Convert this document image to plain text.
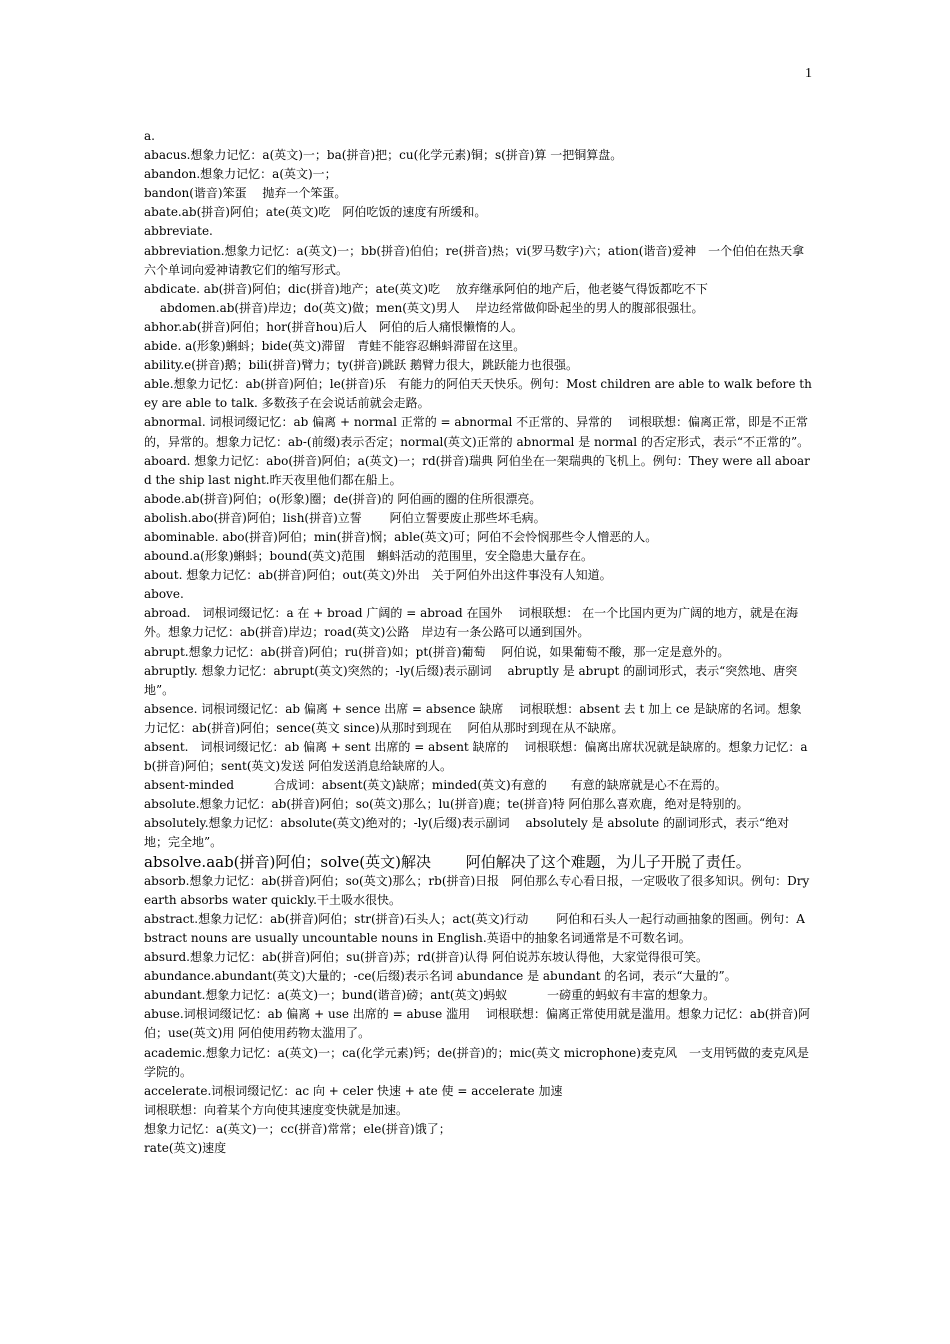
1

a.

abacus.想象力记忆：a(英文)一；ba(拼音)把；cu(化学元素)铜；s(拼音)算 一把铜算盘。

abandon.想象力记忆：a(英文)一；

bandon(谐音)笨蛋　 抛弃一个笨蛋。

abate.ab(拼音)阿伯；ate(英文)吃　阿伯吃饭的速度有所缓和。

abbreviate.

abbreviation.想象力记忆：a(英文)一；bb(拼音)伯伯；re(拼音)热；vi(罗马数字)六；ation(谐音)爱神　一个伯伯在热天拿六个单词向爱神请教它们的缩写形式。

abdicate. ab(拼音)阿伯；dic(拼音)地产；ate(英文)吃　 放弃继承阿伯的地产后，他老婆气得饭都吃不下

　 abdomen.ab(拼音)岸边；do(英文)做；men(英文)男人　 岸边经常做仰卧起坐的男人的腹部很强壮。

abhor.ab(拼音)阿伯；hor(拼音hou)后人　阿伯的后人痛恨懒惰的人。

abide. a(形象)蝌蚪；bide(英文)滞留　青蛙不能容忍蝌蚪滞留在这里。

ability.e(拼音)鹅；bili(拼音)臂力；ty(拼音)跳跃 鹅臂力很大，跳跃能力也很强。

able.想象力记忆：ab(拼音)阿伯；le(拼音)乐　有能力的阿伯天天快乐。例句：Most children are able to walk before they are able to talk. 多数孩子在会说话前就会走路。

abnormal. 词根词缀记忆：ab 偏离 + normal 正常的 = abnormal 不正常的、异常的　 词根联想：偏离正常，即是不正常的，异常的。想象力记忆：ab-(前缀)表示否定；normal(英文)正常的 abnormal 是 normal 的否定形式，表示“不正常的”。

aboard. 想象力记忆：abo(拼音)阿伯；a(英文)一；rd(拼音)瑞典 阿伯坐在一架瑞典的飞机上。例句：They were all aboard the ship last night.昨天夜里他们都在船上。

abode.ab(拼音)阿伯；o(形象)圈；de(拼音)的 阿伯画的圈的住所很漂亮。

abolish.abo(拼音)阿伯；lish(拼音)立誓　　 阿伯立誓要废止那些坏毛病。

abominable. abo(拼音)阿伯；min(拼音)悯；able(英文)可；阿伯不会怜悯那些令人憎恶的人。

abound.a(形象)蝌蚪；bound(英文)范围　蝌蚪活动的范围里，安全隐患大量存在。

about. 想象力记忆：ab(拼音)阿伯；out(英文)外出　关于阿伯外出这件事没有人知道。

above.

abroad.　词根词缀记忆：a 在 + broad 广阔的 = abroad 在国外　 词根联想： 在一个比国内更为广阔的地方，就是在海外。想象力记忆：ab(拼音)岸边；road(英文)公路　岸边有一条公路可以通到国外。

abrupt.想象力记忆：ab(拼音)阿伯；ru(拼音)如；pt(拼音)葡萄　 阿伯说，如果葡萄不酸，那一定是意外的。

abruptly. 想象力记忆：abrupt(英文)突然的；-ly(后缀)表示副词　 abruptly 是 abrupt 的副词形式，表示“突然地、唐突地”。

absence. 词根词缀记忆：ab 偏离 + sence 出席 = absence 缺席　 词根联想：absent 去 t 加上 ce 是缺席的名词。想象力记忆：ab(拼音)阿伯；sence(英文 since)从那时到现在　 阿伯从那时到现在从不缺席。

absent.　词根词缀记忆：ab 偏离 + sent 出席的 = absent 缺席的　 词根联想：偏离出席状况就是缺席的。想象力记忆：ab(拼音)阿伯；sent(英文)发送 阿伯发送消息给缺席的人。

absent-minded　　　 合成词：absent(英文)缺席；minded(英文)有意的　　有意的缺席就是心不在焉的。

absolute.想象力记忆：ab(拼音)阿伯；so(英文)那么；lu(拼音)鹿；te(拼音)特 阿伯那么喜欢鹿，绝对是特别的。

absolutely.想象力记忆：absolute(英文)绝对的；-ly(后缀)表示副词　 absolutely 是 absolute 的副词形式，表示“绝对地；完全地”。

absolve.aab(拼音)阿伯；solve(英文)解决　　 阿伯解决了这个难题，为儿子开脱了责任。

absorb.想象力记忆：ab(拼音)阿伯；so(英文)那么；rb(拼音)日报　阿伯那么专心看日报，一定吸收了很多知识。例句：Dry earth absorbs water quickly.干土吸水很快。

abstract.想象力记忆：ab(拼音)阿伯；str(拼音)石头人；act(英文)行动　　 阿伯和石头人一起行动画抽象的图画。例句：Abstract nouns are usually uncountable nouns in English.英语中的抽象名词通常是不可数名词。

absurd.想象力记忆：ab(拼音)阿伯；su(拼音)苏；rd(拼音)认得 阿伯说苏东坡认得他，大家觉得很可笑。

abundance.abundant(英文)大量的；-ce(后缀)表示名词 abundance 是 abundant 的名词，表示“大量的”。

abundant.想象力记忆：a(英文)一；bund(谐音)磅；ant(英文)蚂蚁　　　 一磅重的蚂蚁有丰富的想象力。

abuse.词根词缀记忆：ab 偏离 + use 出席的 = abuse 滥用　 词根联想：偏离正常使用就是滥用。想象力记忆：ab(拼音)阿伯；use(英文)用 阿伯使用药物太滥用了。

academic.想象力记忆：a(英文)一；ca(化学元素)钙；de(拼音)的；mic(英文 microphone)麦克风　一支用钙做的麦克风是学院的。

accelerate.词根词缀记忆：ac 向 + celer 快速 + ate 使 = accelerate 加速

词根联想：向着某个方向使其速度变快就是加速。

想象力记忆：a(英文)一；cc(拼音)常常；ele(拼音)饿了；

rate(英文)速度
